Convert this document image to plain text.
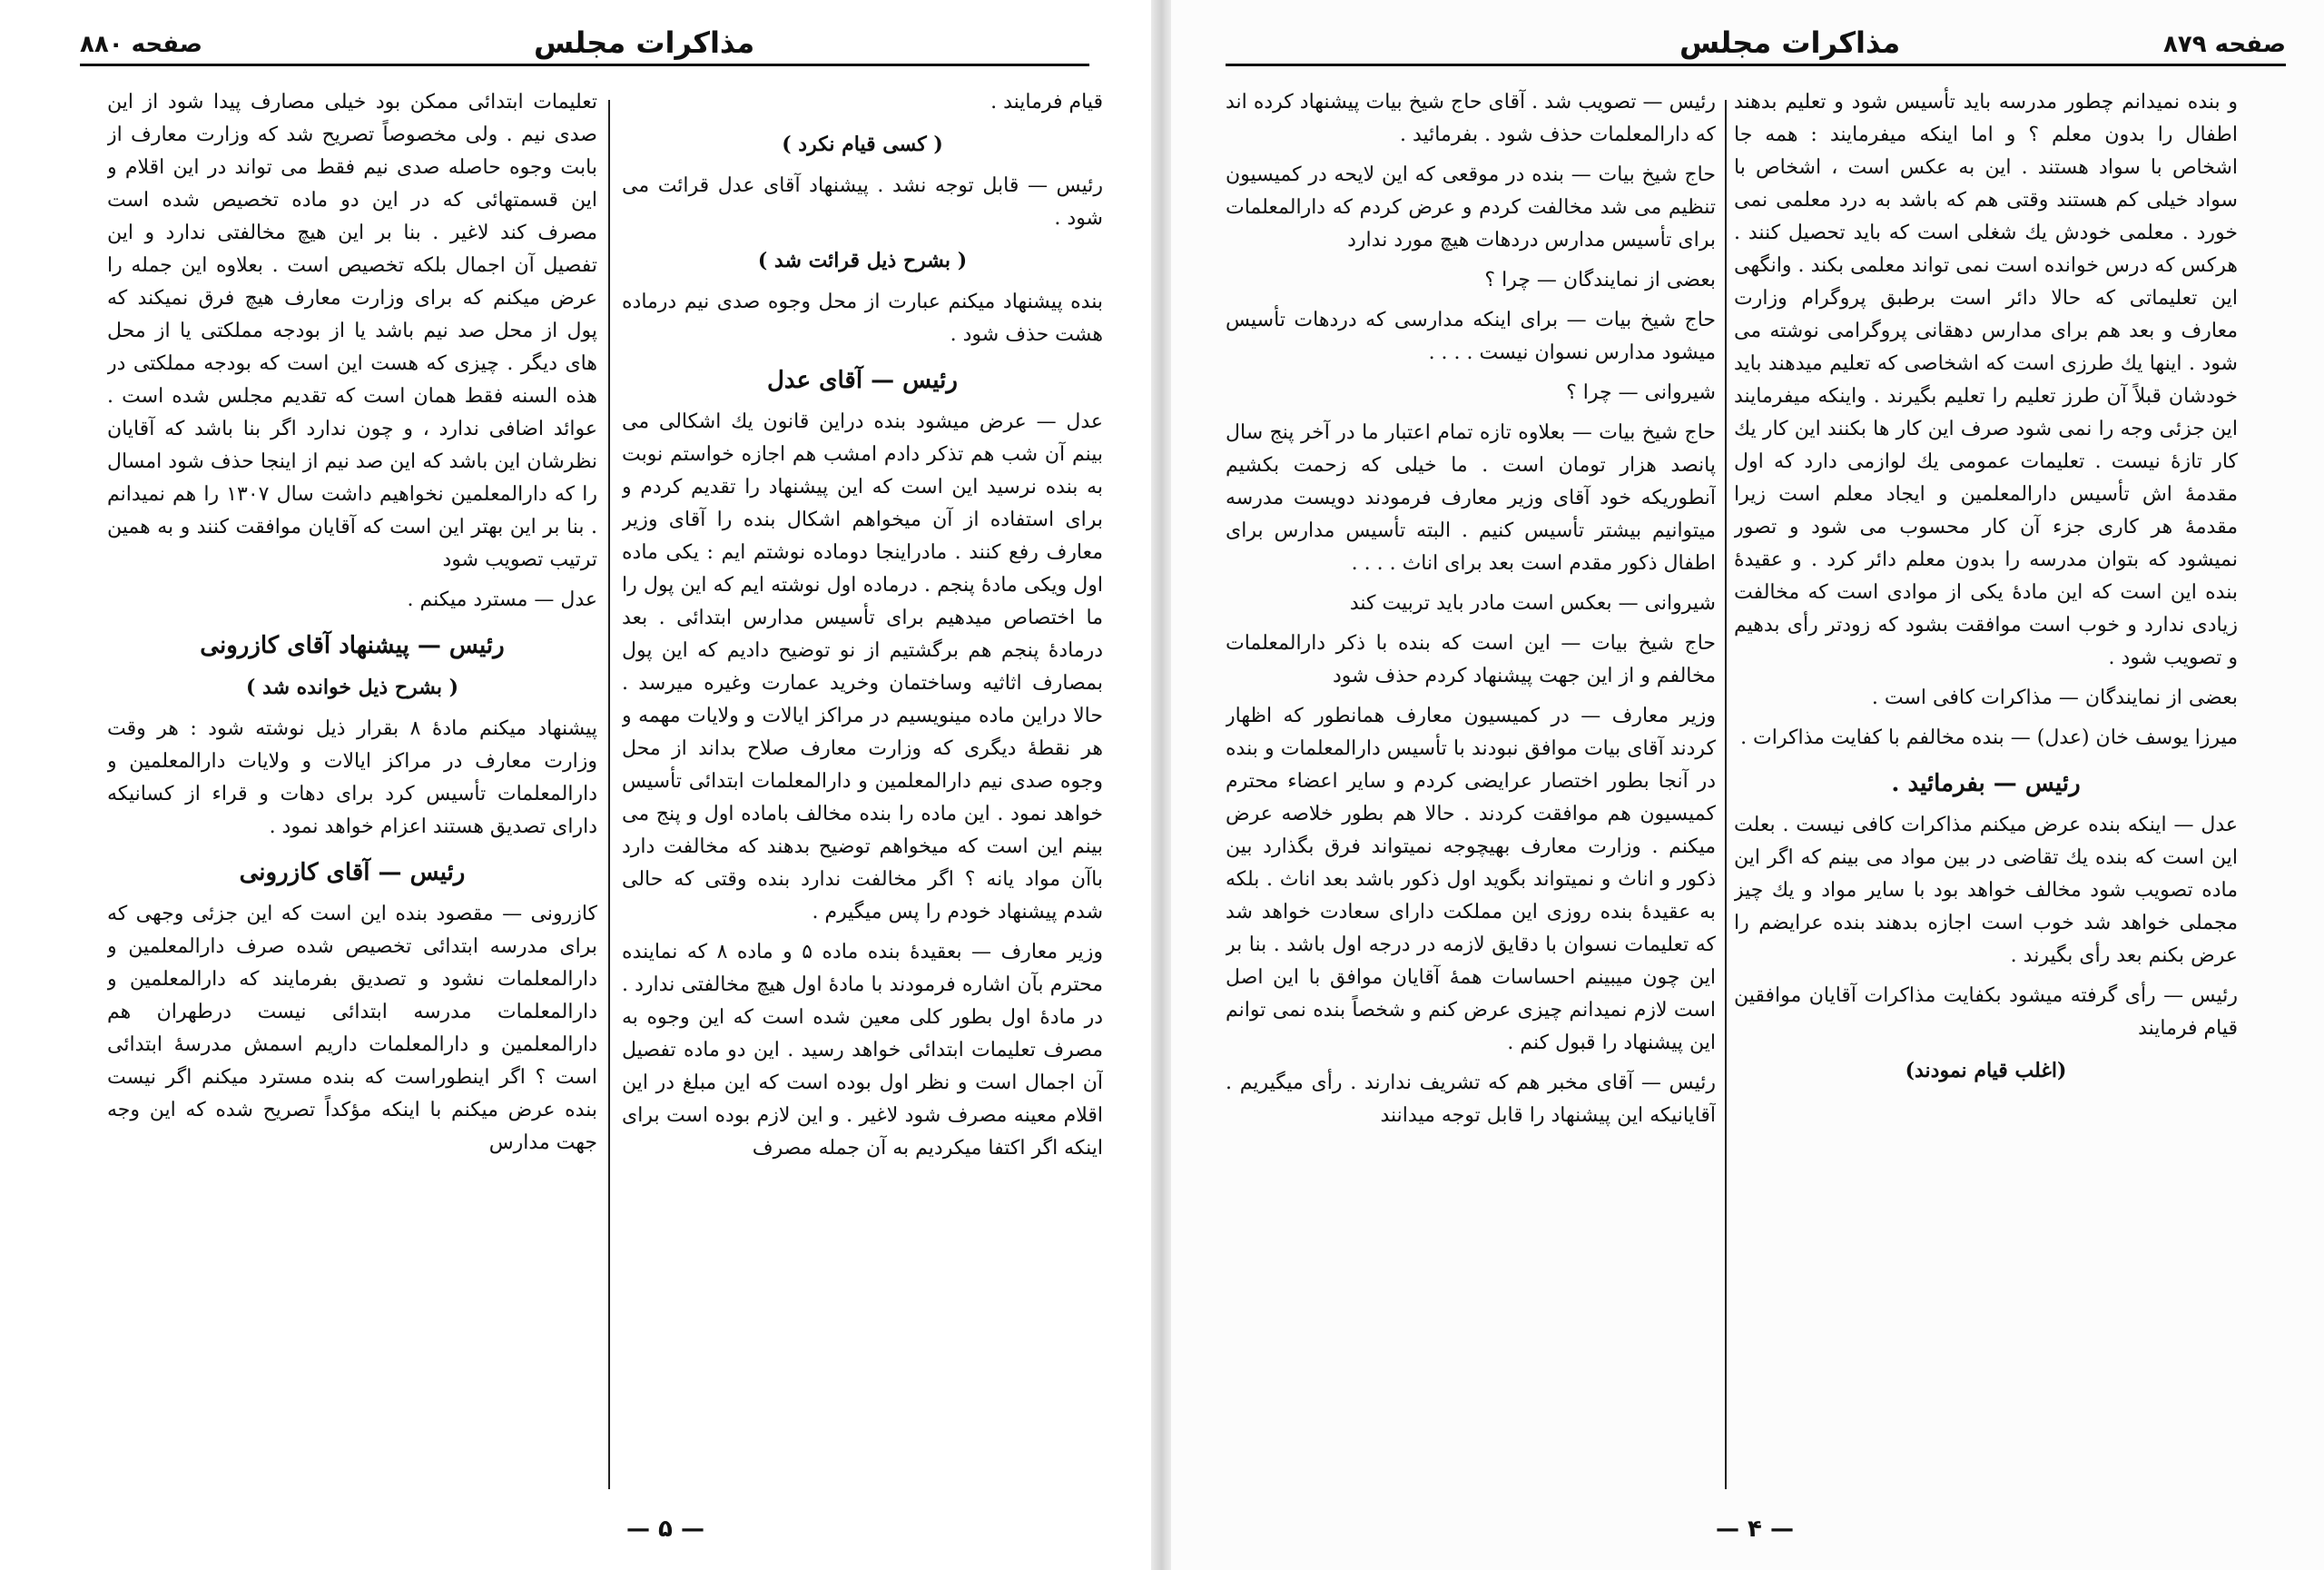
صفحه ۸۸۰	مذاکرات مجلس

قیام فرمایند .

( کسی قیام نکرد )

رئیس — قابل توجه نشد . پیشنهاد آقای عدل قرائت می شود .

( بشرح ذیل قرائت شد )

بنده پیشنهاد میکنم عبارت از محل وجوه صدی نیم درماده هشت حذف شود .

رئیس — آقای عدل

عدل — عرض میشود بنده دراین قانون یك اشکالی می بینم آن شب هم تذکر دادم امشب هم اجازه خواستم نوبت به بنده نرسید این است که این پیشنهاد را تقدیم کردم و برای استفاده از آن میخواهم اشکال بنده را آقای وزیر معارف رفع کنند . مادراینجا دوماده نوشتم ایم : یکی ماده اول ویکی مادهٔ پنجم . درماده اول نوشته ایم که این پول را ما اختصاص میدهیم برای تأسیس مدارس ابتدائی . بعد درمادهٔ پنجم هم برگشتیم از نو توضیح دادیم که این پول بمصارف اثاثیه وساختمان وخرید عمارت وغیره میرسد . حالا دراین ماده مینویسیم در مراکز ایالات و ولایات مهمه و هر نقطهٔ دیگری که وزارت معارف صلاح بداند از محل وجوه صدی نیم دارالمعلمین و دارالمعلمات ابتدائی تأسیس خواهد نمود . این ماده را بنده مخالف باماده اول و پنج می بینم این است که میخواهم توضیح بدهند که مخالفت دارد باآن مواد یانه ؟ اگر مخالفت ندارد بنده وقتی که حالی شدم پیشنهاد خودم را پس میگیرم .

وزیر معارف — بعقیدهٔ بنده ماده ۵ و ماده ۸ که نماینده محترم بآن اشاره فرمودند با مادهٔ اول هیچ مخالفتی ندارد . در مادهٔ اول بطور کلی معین شده است که این وجوه به مصرف تعلیمات ابتدائی خواهد رسید . این دو ماده تفصیل آن اجمال است و نظر اول بوده است که این مبلغ در این اقلام معینه مصرف شود لاغیر . و این لازم بوده است برای اینکه اگر اکتفا میکردیم به آن جمله مصرف

تعلیمات ابتدائی ممکن بود خیلی مصارف پیدا شود از این صدی نیم . ولی مخصوصاً تصریح شد که وزارت معارف از بابت وجوه حاصله صدی نیم فقط می تواند در این اقلام و این قسمتهائی که در این دو ماده تخصیص شده است مصرف کند لاغیر . بنا بر این هیچ مخالفتی ندارد و این تفصیل آن اجمال بلکه تخصیص است . بعلاوه این جمله را عرض میکنم که برای وزارت معارف هیچ فرق نمیکند که پول از محل صد نیم باشد یا از بودجه مملکتی یا از محل های دیگر . چیزی که هست این است که بودجه مملکتی در هذه السنه فقط همان است که تقدیم مجلس شده است . عوائد اضافی ندارد ، و چون ندارد اگر بنا باشد که آقایان نظرشان این باشد که این صد نیم از اینجا حذف شود امسال را که دارالمعلمین نخواهیم داشت سال ۱۳۰۷ را هم نمیدانم . بنا بر این بهتر این است که آقایان موافقت کنند و به همین ترتیب تصویب شود

عدل — مسترد میکنم .

رئیس — پیشنهاد آقای کازرونی

( بشرح ذیل خوانده شد )

پیشنهاد میکنم مادهٔ ۸ بقرار ذیل نوشته شود : هر وقت وزارت معارف در مراکز ایالات و ولایات دارالمعلمین و دارالمعلمات تأسیس کرد برای دهات و قراء از کسانیکه دارای تصدیق هستند اعزام خواهد نمود .

رئیس — آقای کازرونی

کازرونی — مقصود بنده این است که این جزئی وجهی که برای مدرسه ابتدائی تخصیص شده صرف دارالمعلمین و دارالمعلمات نشود و تصدیق بفرمایند که دارالمعلمین و دارالمعلمات مدرسه ابتدائی نیست درطهران هم دارالمعلمین و دارالمعلمات داریم اسمش مدرسهٔ ابتدائی است ؟ اگر اینطوراست که بنده مسترد میکنم اگر نیست بنده عرض میکنم با اینکه مؤکداً تصریح شده که این وجه جهت مدارس

— ۵ —
صفحه ۸۷۹
مذاکرات مجلس

و بنده نمیدانم چطور مدرسه باید تأسیس شود و تعلیم بدهند اطفال را بدون معلم ؟ و اما اینکه میفرمایند : همه جا اشخاص با سواد هستند . این به عکس است ، اشخاص با سواد خیلی کم هستند وقتی هم که باشد به درد معلمی نمی خورد . معلمی خودش یك شغلی است که باید تحصیل کنند . هرکس که درس خوانده است نمی تواند معلمی بکند . وانگهی این تعلیماتی که حالا دائر است برطبق پروگرام وزارت معارف و بعد هم برای مدارس دهقانی پروگرامی نوشته می شود . اینها یك طرزی است که اشخاصی که تعلیم میدهند باید خودشان قبلاً آن طرز تعلیم را تعلیم بگیرند . واینکه میفرمایند این جزئی وجه را نمی شود صرف این کار ها بکنند این کار یك کار تازهٔ نیست . تعلیمات عمومی یك لوازمی دارد که اول مقدمهٔ اش تأسیس دارالمعلمین و ایجاد معلم است زیرا مقدمهٔ هر کاری جزء آن کار محسوب می شود و تصور نمیشود که بتوان مدرسه را بدون معلم دائر کرد . و عقیدهٔ بنده این است که این مادهٔ یکی از موادی است که مخالفت زیادی ندارد و خوب است موافقت بشود که زودتر رأی بدهیم و تصویب شود .

بعضی از نمایندگان — مذاکرات کافی است .

میرزا یوسف خان (عدل) — بنده مخالفم با کفایت مذاکرات .

رئیس — بفرمائید .

عدل — اینکه بنده عرض میکنم مذاکرات کافی نیست . بعلت این است که بنده یك تقاضی در بین مواد می بینم که اگر این ماده تصویب شود مخالف خواهد بود با سایر مواد و یك چیز مجملی خواهد شد خوب است اجازه بدهند بنده عرایضم را عرض بکنم بعد رأی بگیرند .

رئیس — رأی گرفته میشود بکفایت مذاکرات آقایان موافقین قیام فرمایند

(اغلب قیام نمودند)

رئیس — تصویب شد . آقای حاج شیخ بیات پیشنهاد کرده اند که دارالمعلمات حذف شود . بفرمائید .

حاج شیخ بیات — بنده در موقعی که این لایحه در کمیسیون تنظیم می شد مخالفت کردم و عرض کردم که دارالمعلمات برای تأسیس مدارس دردهات هیچ مورد ندارد

بعضی از نمایندگان — چرا ؟

حاج شیخ بیات — برای اینکه مدارسی که دردهات تأسیس میشود مدارس نسوان نیست . . . .

شیروانی — چرا ؟

حاج شیخ بیات — بعلاوه تازه تمام اعتبار ما در آخر پنج سال پانصد هزار تومان است . ما خیلی که زحمت بکشیم آنطوریکه خود آقای وزیر معارف فرمودند دویست مدرسه میتوانیم بیشتر تأسیس کنیم . البته تأسیس مدارس برای اطفال ذکور مقدم است بعد برای اناث . . . .

شیروانی — بعکس است مادر باید تربیت کند

حاج شیخ بیات — این است که بنده با ذکر دارالمعلمات مخالفم و از این جهت پیشنهاد کردم حذف شود

وزیر معارف — در کمیسیون معارف همانطور که اظهار کردند آقای بیات موافق نبودند با تأسیس دارالمعلمات و بنده در آنجا بطور اختصار عرایضی کردم و سایر اعضاء محترم کمیسیون هم موافقت کردند . حالا هم بطور خلاصه عرض میکنم . وزارت معارف بهیچوجه نمیتواند فرق بگذارد بین ذکور و اناث و نمیتواند بگوید اول ذکور باشد بعد اناث . بلکه به عقیدهٔ بنده روزی این مملکت دارای سعادت خواهد شد که تعلیمات نسوان با دقایق لازمه در درجه اول باشد . بنا بر این چون میبینم احساسات همهٔ آقایان موافق با این اصل است لازم نمیدانم چیزی عرض کنم و شخصاً بنده نمی توانم این پیشنهاد را قبول کنم .

رئیس — آقای مخبر هم که تشریف ندارند . رأی میگیریم . آقایانیکه این پیشنهاد را قابل توجه میدانند

— ۴ —
